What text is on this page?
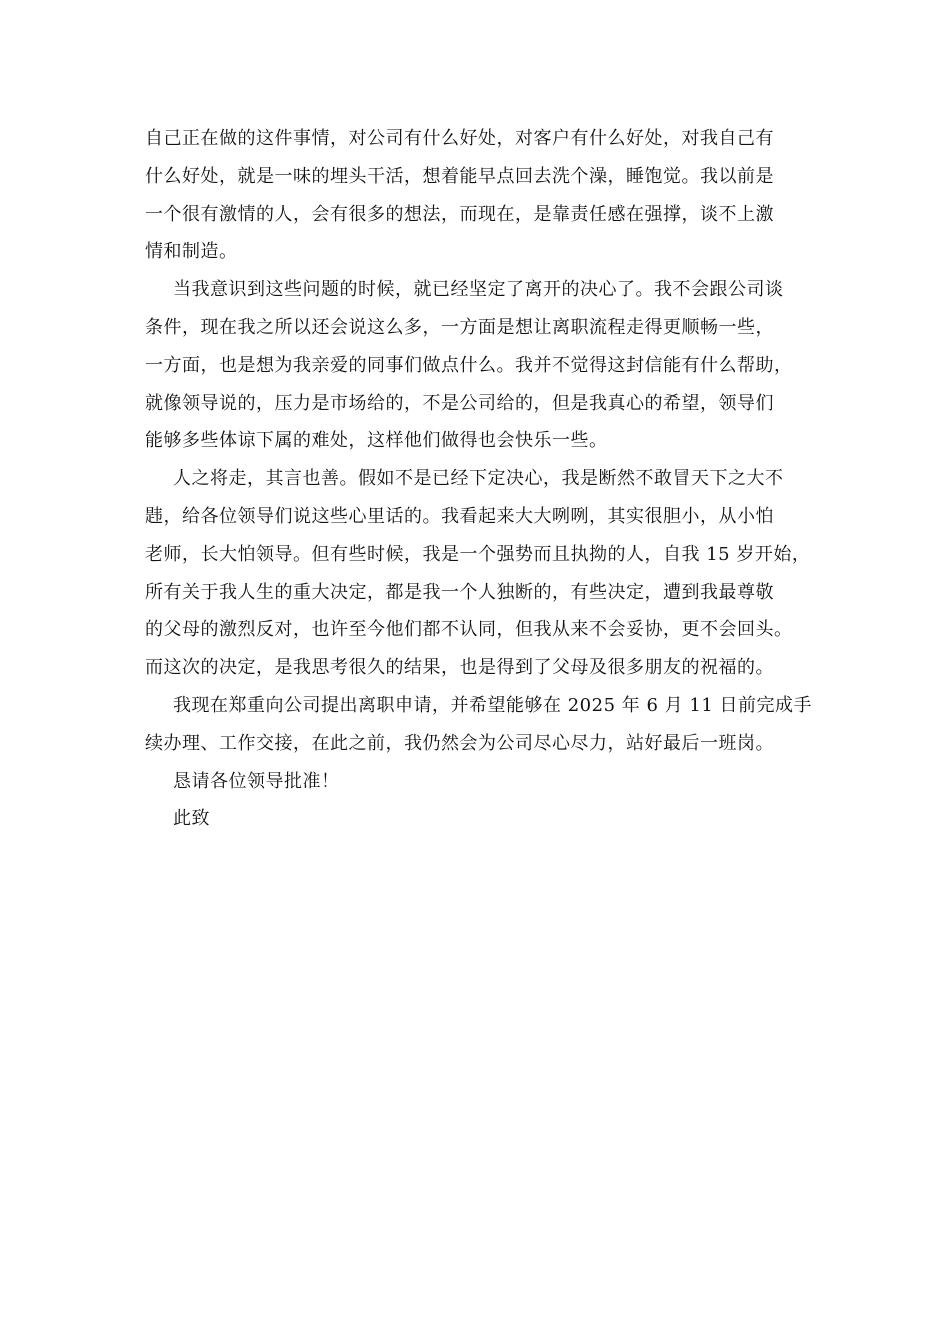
自己正在做的这件事情，对公司有什么好处，对客户有什么好处，对我自己有
什么好处，就是一味的埋头干活，想着能早点回去洗个澡，睡饱觉。我以前是
一个很有激情的人，会有很多的想法，而现在，是靠责任感在强撑，谈不上激
情和制造。
当我意识到这些问题的时候，就已经坚定了离开的决心了。我不会跟公司谈
条件，现在我之所以还会说这么多，一方面是想让离职流程走得更顺畅一些，
一方面，也是想为我亲爱的同事们做点什么。我并不觉得这封信能有什么帮助，
就像领导说的，压力是市场给的，不是公司给的，但是我真心的希望，领导们
能够多些体谅下属的难处，这样他们做得也会快乐一些。
人之将走，其言也善。假如不是已经下定决心，我是断然不敢冒天下之大不
韪，给各位领导们说这些心里话的。我看起来大大咧咧，其实很胆小，从小怕
老师，长大怕领导。但有些时候，我是一个强势而且执拗的人，自我 15 岁开始，
所有关于我人生的重大决定，都是我一个人独断的，有些决定，遭到我最尊敬
的父母的激烈反对，也许至今他们都不认同，但我从来不会妥协，更不会回头。
而这次的决定，是我思考很久的结果，也是得到了父母及很多朋友的祝福的。
我现在郑重向公司提出离职申请，并希望能够在 2025 年 6 月 11 日前完成手
续办理、工作交接，在此之前，我仍然会为公司尽心尽力，站好最后一班岗。
恳请各位领导批准！
此致
